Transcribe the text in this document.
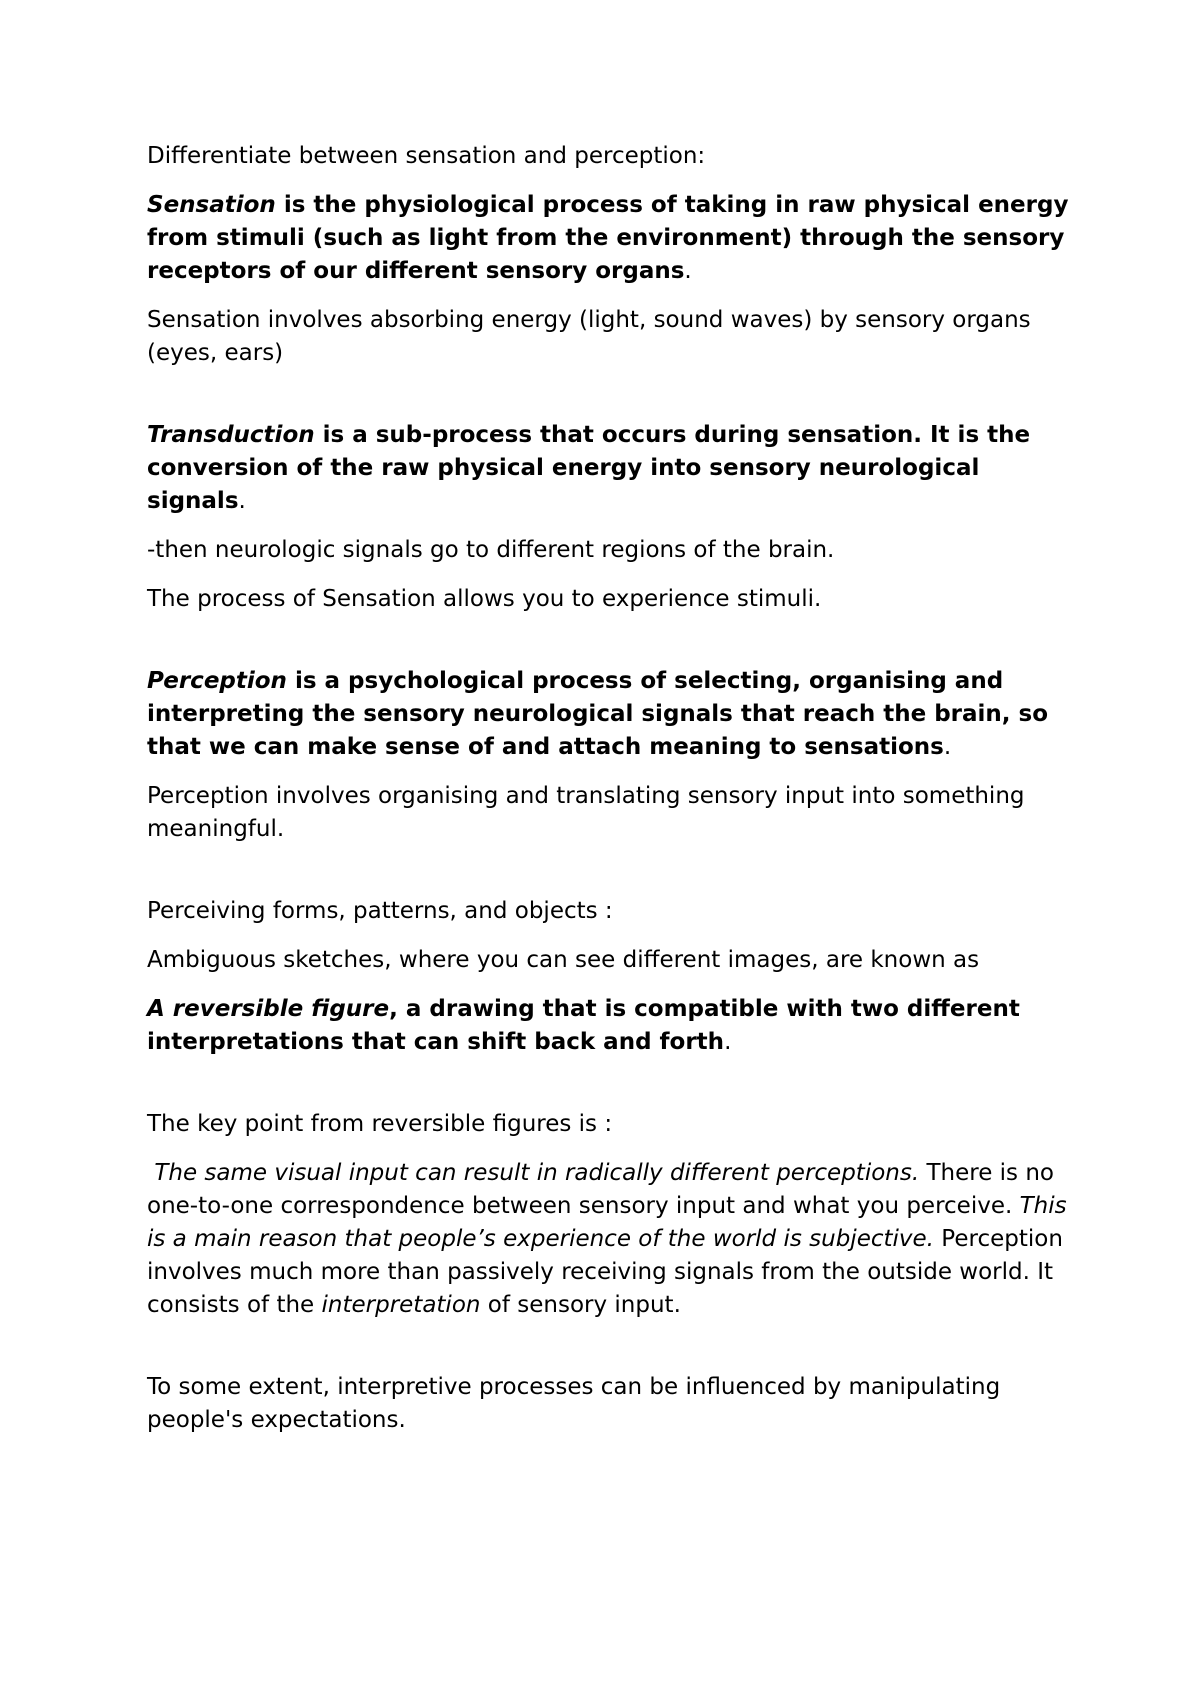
Differentiate between sensation and perception:

Sensation is the physiological process of taking in raw physical energy from stimuli (such as light from the environment) through the sensory receptors of our different sensory organs.

Sensation involves absorbing energy (light, sound waves) by sensory organs (eyes, ears)

Transduction is a sub-process that occurs during sensation. It is the conversion of the raw physical energy into sensory neurological signals.

-then neurologic signals go to different regions of the brain.

The process of Sensation allows you to experience stimuli.

Perception is a psychological process of selecting, organising and interpreting the sensory neurological signals that reach the brain, so that we can make sense of and attach meaning to sensations.

Perception involves organising and translating sensory input into something meaningful.

Perceiving forms, patterns, and objects :

Ambiguous sketches, where you can see different images, are known as

A reversible figure, a drawing that is compatible with two different interpretations that can shift back and forth.

The key point from reversible figures is :

The same visual input can result in radically different perceptions. There is no one-to-one correspondence between sensory input and what you perceive. This is a main reason that people’s experience of the world is subjective. Perception involves much more than passively receiving signals from the outside world. It consists of the interpretation of sensory input.

To some extent, interpretive processes can be influenced by manipulating people's expectations.
